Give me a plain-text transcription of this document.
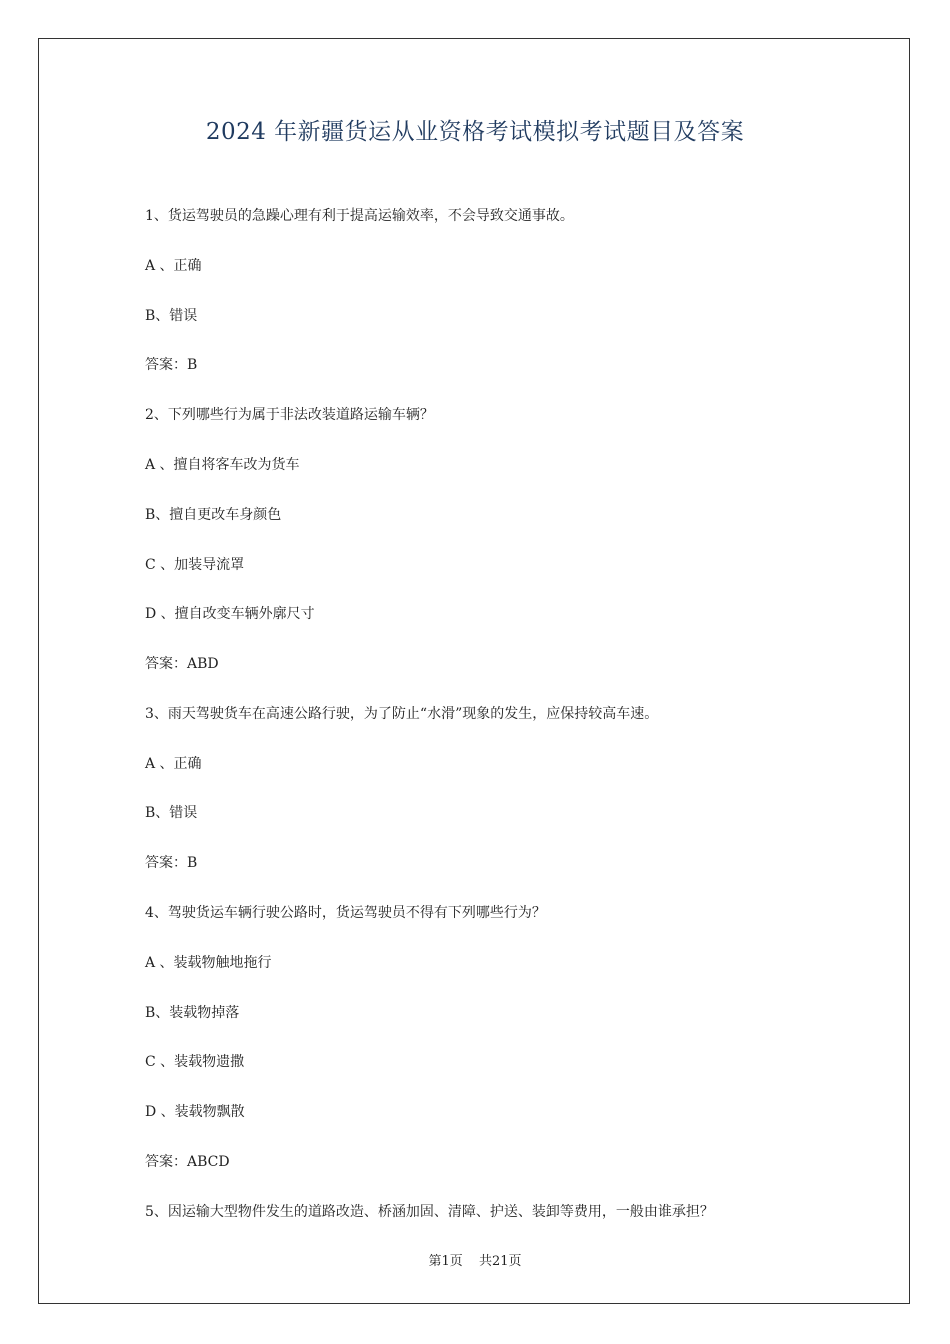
2024 年新疆货运从业资格考试模拟考试题目及答案
1、货运驾驶员的急躁心理有利于提高运输效率，不会导致交通事故。
A 、正确
B、错误
答案：B
2、下列哪些行为属于非法改装道路运输车辆？
A 、擅自将客车改为货车
B、擅自更改车身颜色
C 、加装导流罩
D 、擅自改变车辆外廓尺寸
答案：ABD
3、雨天驾驶货车在高速公路行驶，为了防止“水滑”现象的发生，应保持较高车速。
A 、正确
B、错误
答案：B
4、驾驶货运车辆行驶公路时，货运驾驶员不得有下列哪些行为？
A 、装载物触地拖行
B、装载物掉落
C 、装载物遗撒
D 、装载物飘散
答案：ABCD
5、因运输大型物件发生的道路改造、桥涵加固、清障、护送、装卸等费用，一般由谁承担？
第1页 共21页
